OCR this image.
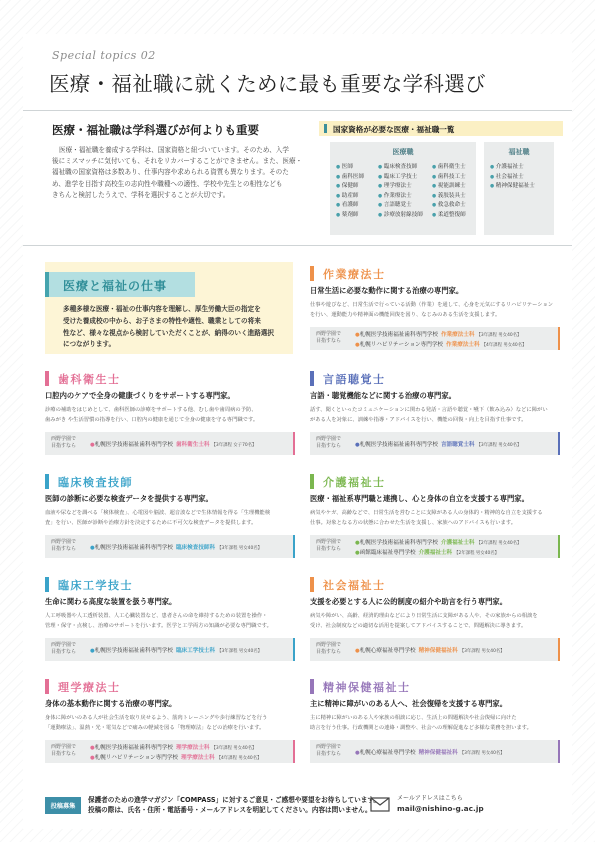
Special topics 02
医療・福祉職に就くために最も重要な学科選び
医療・福祉職は学科選びが何よりも重要
医療・福祉職を養成する学科は、国家資格と紐づいています。そのため、入学
後にミスマッチに気付いても、それをリカバーすることができません。また、医療・
福祉職の国家資格は多数あり、仕事内容や求められる資質も異なります。そのた
め、進学を目指す高校生の志向性や職種への適性、学校や先生との相性なども
きちんと検討したうえで、学科を選択することが大切です。
国家資格が必要な医療・福祉職一覧
医療職
● 医師
● 歯科医師
● 保健師
● 助産師
● 看護師
● 薬剤師
● 臨床検査技師
● 臨床工学技士
● 理学療法士
● 作業療法士
● 言語聴覚士
● 診療放射線技師
● 歯科衛生士
● 歯科技工士
● 視能訓練士
● 義肢装具士
● 救急救命士
● 柔道整復師
福祉職
● 介護福祉士
● 社会福祉士
● 精神保健福祉士
医療と福祉の仕事
多種多様な医療・福祉の仕事内容を理解し、厚生労働大臣の指定を
受けた養成校の中から、お子さまの特性や適性、職業としての将来
性など、様々な視点から検討していただくことが、納得のいく進路選択
につながります。
作業療法士
日常生活に必要な動作に関する治療の専門家。
仕事や遊びなど、日常生活で行っている活動（作業）を通して、心身を元気にするリハビリテーション
を行い、運動能力や精神面の機能回復を図り、なじみのある生活を支援します。
西野学園で
目指すなら
●札幌医学技術福祉歯科専門学校 作業療法士科 【3年課程 男女40名】
●札幌リハビリテーション専門学校 作業療法士科 【4年課程 男女40名】
言語聴覚士
言語・聴覚機能などに関する治療の専門家。
話す、聞くといったコミュニケーションに関わる発話・言語や聴覚・嚥下（飲み込み）などに障がい
がある人を対象に、訓練や指導・アドバイスを行い、機能の回復・向上を目指す仕事です。
西野学園で
目指すなら	●札幌医学技術福祉歯科専門学校 言語聴覚士科 【3年課程 男女40名】
介護福祉士
医療・福祉系専門職と連携し、心と身体の自立を支援する専門家。
病気やケガ、高齢などで、日常生活を営むことに支障がある人の身体的・精神的な自立を支援する
仕事。対象となる方の状態に合わせた生活を支援し、家族へのアドバイスも行います。
西野学園で
目指すなら
●札幌医学技術福祉歯科専門学校 介護福祉士科 【2年課程 男女40名】
●函館臨床福祉専門学校 介護福祉士科 【2年課程 男女40名】
社会福祉士
支援を必要とする人に公的制度の紹介や助言を行う専門家。
病気や障がい、高齢、経済的理由などにより日常生活に支障がある人や、その家族からの相談を
受け、社会制度などの適切な活用を提案してアドバイスすることで、問題解決に導きます。
西野学園で
目指すなら	●札幌心療福祉専門学校 精神保健福祉科 【3年課程 男女40名】
精神保健福祉士
主に精神に障がいのある人へ、社会復帰を支援する専門家。
主に精神に障がいのある人や家族の相談に応じ、生活上の問題解決や社会復帰に向けた
助言を行う仕事。行政機関との連絡・調整や、社会への理解促進など多様な業務を担います。
西野学園で
目指すなら	●札幌心療福祉専門学校 精神保健福祉科 【3年課程 男女40名】
歯科衛生士
口腔内のケアで全身の健康づくりをサポートする専門家。
診療の補助をはじめとして、歯科医師の診療をサポートする他、むし歯や歯周病の予防、
歯みがき や生活習慣の指導を行い、口腔内の健康を通じて全身の健康を守る専門職です。
西野学園で
目指すなら	●札幌医学技術福祉歯科専門学校 歯科衛生士科 【3年課程 女子70名】
臨床検査技師
医師の診断に必要な検査データを提供する専門家。
血液や尿などを調べる「検体検査」、心電図や脳波、超音波などで生体情報を得る「生理機能検
査」を行い、医師が診断や治療方針を決定するために不可欠な検査データを提供します。
西野学園で
目指すなら	●札幌医学技術福祉歯科専門学校 臨床検査技師科 【3年課程 男女40名】
臨床工学技士
生命に関わる高度な装置を扱う専門家。
人工呼吸器や人工透析装置、人工心臓装置など、患者さんの命を維持するための装置を操作・
管理・保守・点検し、治療のサポートを行います。医学と工学両方の知識が必要な専門職です。
西野学園で
目指すなら	●札幌医学技術福祉歯科専門学校 臨床工学技士科 【3年課程 男女40名】
理学療法士
身体の基本動作に関する治療の専門家。
身体に障がいのある人が社会生活を取り戻せるよう、筋肉トレーニングや歩行練習などを行う
「運動療法」、温熱・光・電気などで痛みの軽減を図る「物理療法」などの治療を行います。
西野学園で
目指すなら
●札幌医学技術福祉歯科専門学校 理学療法士科 【3年課程 男女40名】
●札幌リハビリテーション専門学校 理学療法士科 【4年課程 男女40名】
投稿募集
保護者のための進学マガジン「COMPASS」に対するご意見・ご感想や要望をお待ちしています。
投稿の際は、氏名・住所・電話番号・メールアドレスを明記してください。内容は問いません。
メールアドレスはこちら
mail@nishino-g.ac.jp
